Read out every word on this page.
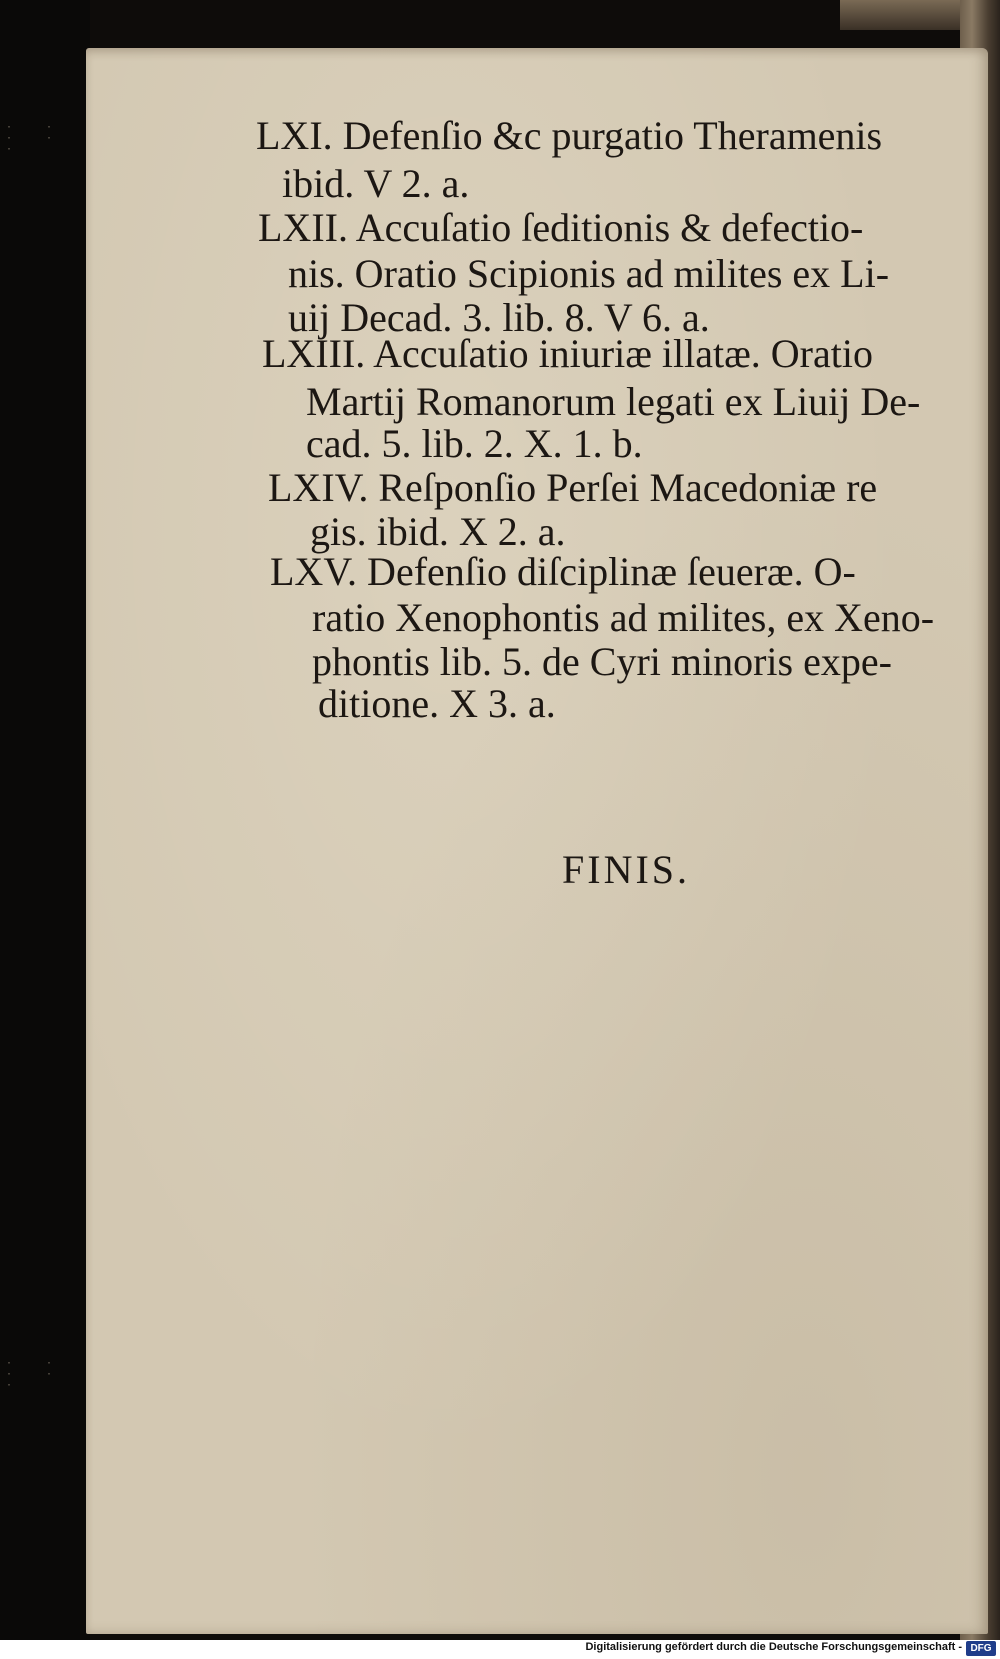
· · · · ·
· · · · ·
LXI. Defenſio &c purgatio Theramenis
ibid. V 2. a.
LXII. Accuſatio ſeditionis & defectio-
nis. Oratio Scipionis ad milites ex Li-
uij Decad. 3. lib. 8. V 6. a.
LXIII. Accuſatio iniuriæ illatæ. Oratio
Martij Romanorum legati ex Liuij De-
cad. 5. lib. 2. X. 1. b.
LXIV. Reſponſio Perſei Macedoniæ re
gis. ibid. X 2. a.
LXV. Defenſio diſciplinæ ſeueræ. O-
ratio Xenophontis ad milites, ex Xeno-
phontis lib. 5. de Cyri minoris expe-
ditione. X 3. a.
FINIS.
Digitalisierung gefördert durch die Deutsche Forschungsgemeinschaft - DFG
